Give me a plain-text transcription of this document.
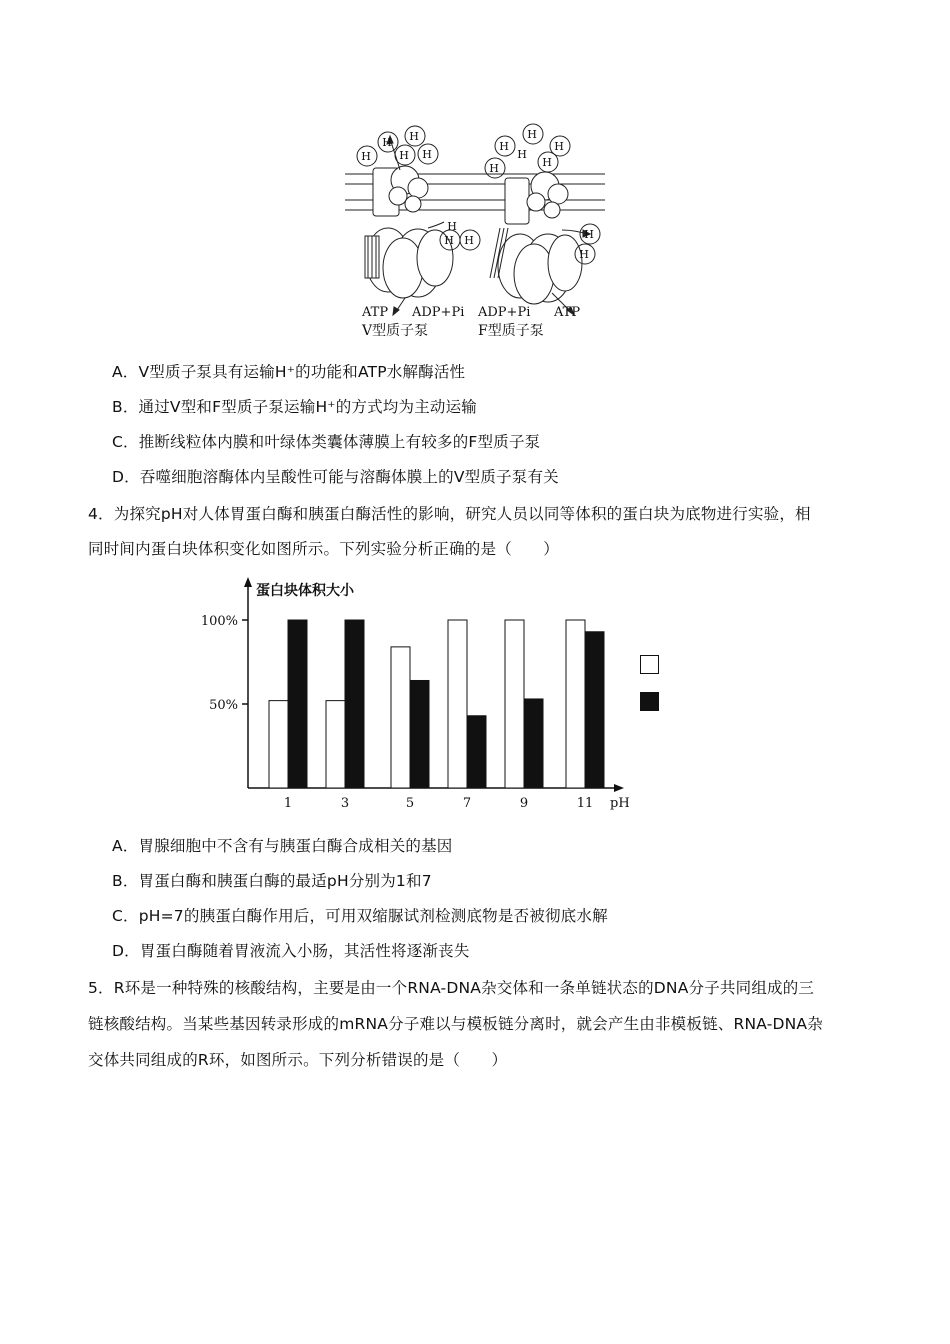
H
H H
H H
H
H H
H
H
H
H
H
H
H
H
ATP ADP+Pi ADP+Pi ATP
V型质子泵	F型质子泵
A．Ⅴ型质子泵具有运输H⁺的功能和ATP水解酶活性
B．通过Ⅴ型和F型质子泵运输H⁺的方式均为主动运输
C．推断线粒体内膜和叶绿体类囊体薄膜上有较多的F型质子泵
D．吞噬细胞溶酶体内呈酸性可能与溶酶体膜上的Ⅴ型质子泵有关
4．为探究pH对人体胃蛋白酶和胰蛋白酶活性的影响，研究人员以同等体积的蛋白块为底物进行实验，相
同时间内蛋白块体积变化如图所示。下列实验分析正确的是（　　）
蛋白块体积大小
pH
50%
100%
1	3	5	7	9	11
A．胃腺细胞中不含有与胰蛋白酶合成相关的基因
B．胃蛋白酶和胰蛋白酶的最适pH分别为1和7
C．pH=7的胰蛋白酶作用后，可用双缩脲试剂检测底物是否被彻底水解
D．胃蛋白酶随着胃液流入小肠，其活性将逐渐丧失
5．R环是一种特殊的核酸结构，主要是由一个RNA-DNA杂交体和一条单链状态的DNA分子共同组成的三
链核酸结构。当某些基因转录形成的mRNA分子难以与模板链分离时，就会产生由非模板链、RNA-DNA杂
交体共同组成的R环，如图所示。下列分析错误的是（　　）
